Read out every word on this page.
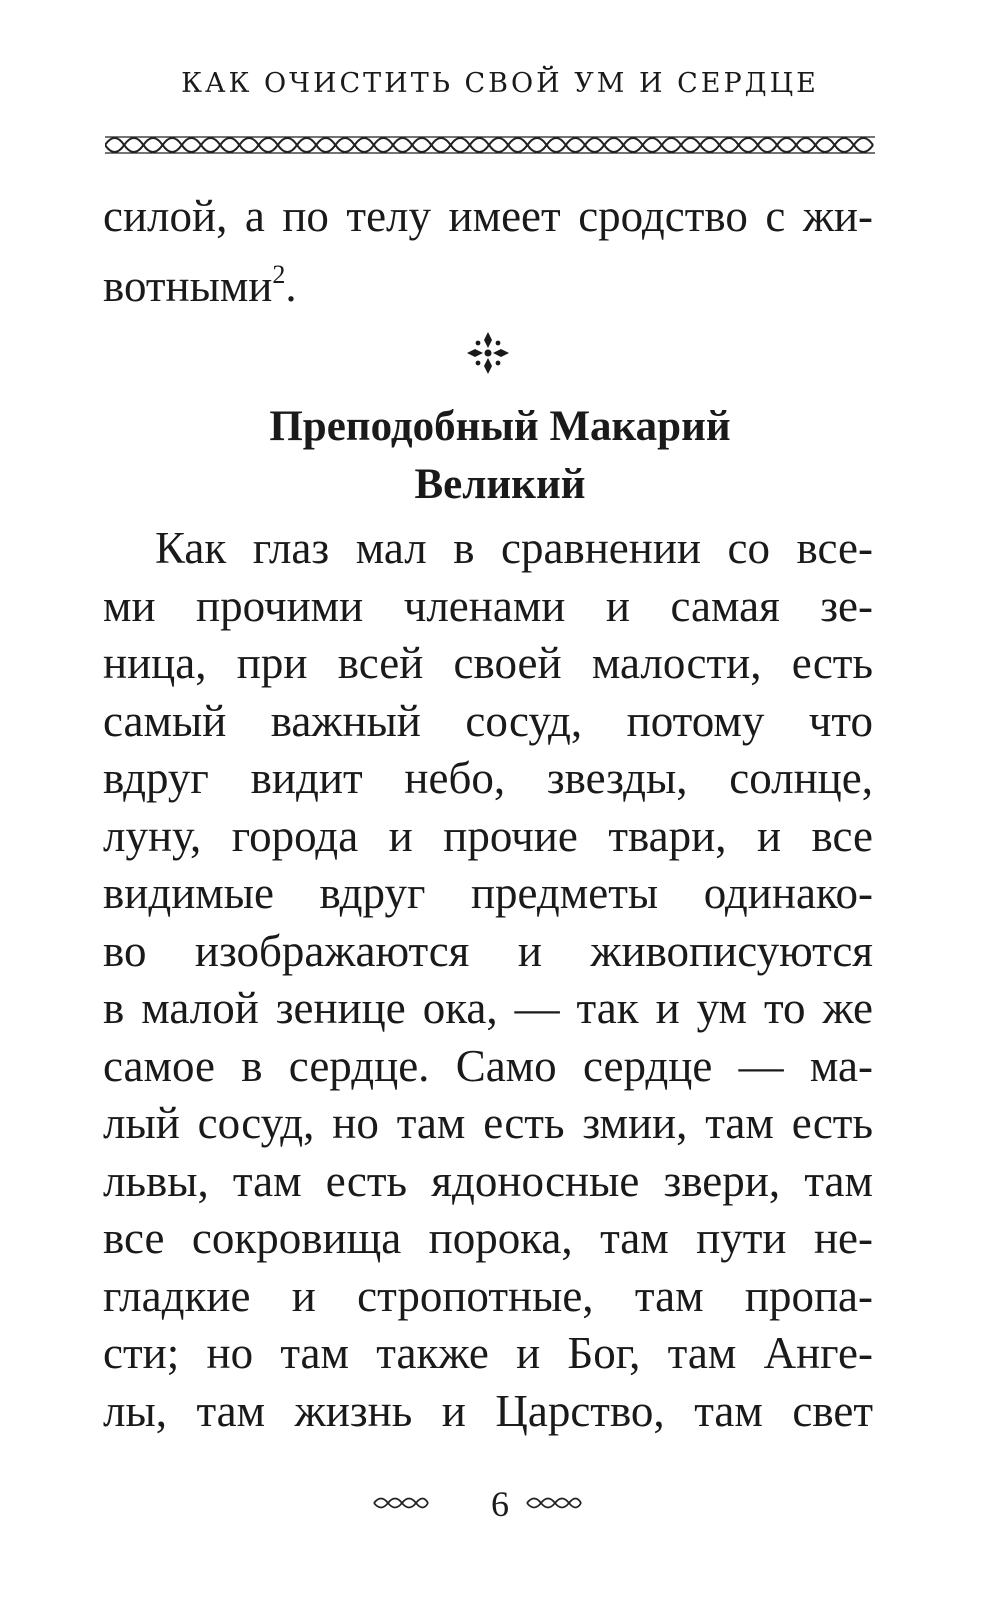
КАК ОЧИСТИТЬ СВОЙ УМ И СЕРДЦЕ
силой, а по телу имеет сродство с жи-
вотными$^2$.
Преподобный Макарий
Великий
Как глаз мал в сравнении со все-
ми прочими членами и самая зе-
ница, при всей своей малости, есть
самый важный сосуд, потому что
вдруг видит небо, звезды, солнце,
луну, города и прочие твари, и все
видимые вдруг предметы одинако-
во изображаются и живописуются
в малой зенице ока, — так и ум то же
самое в сердце. Само сердце — ма-
лый сосуд, но там есть змии, там есть
львы, там есть ядоносные звери, там
все сокровища порока, там пути не-
гладкие и стропотные, там пропа-
сти; но там также и Бог, там Анге-
лы, там жизнь и Царство, там свет
6
